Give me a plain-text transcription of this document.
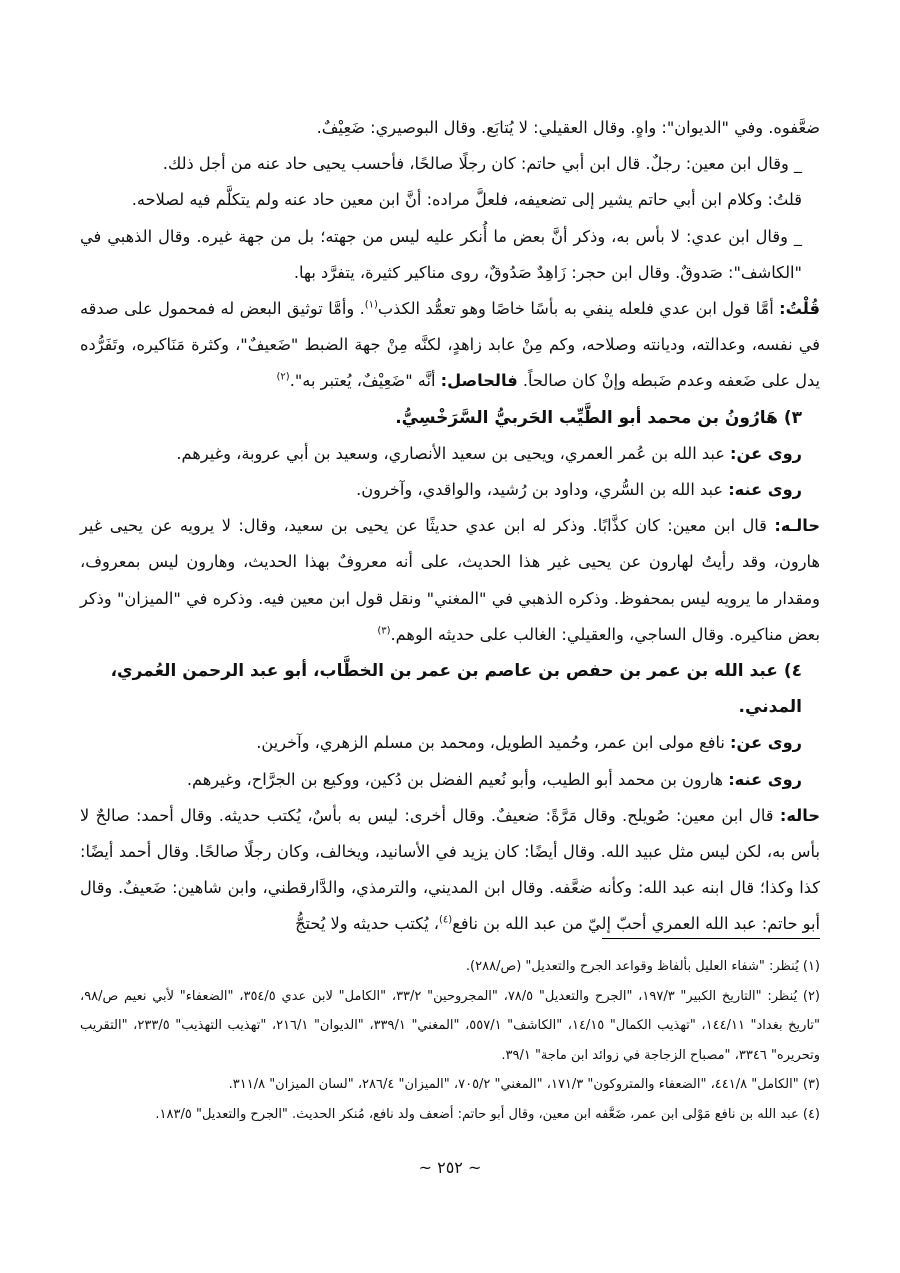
ضعَّفوه. وفي "الديوان": واهٍ. وقال العقيلي: لا يُتابَع. وقال البوصيري: ضَعِيْفٌ.

_ وقال ابن معين: رجلٌ. قال ابن أبي حاتم: كان رجلًا صالحًا، فأحسب يحيى حاد عنه من أجل ذلك.

قلتُ: وكلام ابن أبي حاتم يشير إلى تضعيفه، فلعلَّ مراده: أنَّ ابن معين حاد عنه ولم يتكلَّم فيه لصلاحه.

_ وقال ابن عدي: لا بأس به، وذكر أنَّ بعض ما أُنكر عليه ليس من جهته؛ بل من جهة غيره. وقال الذهبي في "الكاشف": صَدوقٌ. وقال ابن حجر: زَاهِدٌ صَدُوقٌ، روى مناكير كثيرة، يتفرَّد بها.

قُلْتُ: أمَّا قول ابن عدي فلعله ينفي به بأسًا خاصًا وهو تعمُّد الكذب$^{(١)}$. وأمَّا توثيق البعض له فمحمول على صدقه في نفسه، وعدالته، وديانته وصلاحه، وكم مِنْ عابد زاهدٍ، لكنَّه مِنْ جهة الضبط "ضَعيفٌ"، وكثرة مَنَاكيره، وتَفَرُّده يدل على ضَعفه وعدم ضَبطه وإنْ كان صالحاً. فالحاصل: أنَّه "ضَعِيْفٌ، يُعتبر به".$^{(٢)}$

٣) هَارُونُ بن محمد أبو الطَّيِّب الحَربيُّ السَّرَخْسِيُّ.

روى عن: عبد الله بن عُمر العمري، ويحيى بن سعيد الأنصاري، وسعيد بن أبي عروبة، وغيرهم.

روى عنه: عبد الله بن السُّري، وداود بن رُشيد، والواقدي، وآخرون.

حالـه: قال ابن معين: كان كذَّابًا. وذكر له ابن عدي حديثًا عن يحيى بن سعيد، وقال: لا يرويه عن يحيى غير هارون، وقد رأيتُ لهارون عن يحيى غير هذا الحديث، على أنه معروفٌ بهذا الحديث، وهارون ليس بمعروف، ومقدار ما يرويه ليس بمحفوظ. وذكره الذهبي في "المغني" ونقل قول ابن معين فيه. وذكره في "الميزان" وذكر بعض مناكيره. وقال الساجي، والعقيلي: الغالب على حديثه الوهم.$^{(٣)}$

٤) عبد الله بن عمر بن حفص بن عاصم بن عمر بن الخطَّاب، أبو عبد الرحمن العُمري، المدني.

روى عن: نافع مولى ابن عمر، وحُميد الطويل، ومحمد بن مسلم الزهري، وآخرين.

روى عنه: هارون بن محمد أبو الطيب، وأبو نُعيم الفضل بن دُكين، ووكيع بن الجرَّاح، وغيرهم.

حاله: قال ابن معين: صُويلح. وقال مَرَّةً: ضعيفٌ. وقال أخرى: ليس به بأسٌ، يُكتب حديثه. وقال أحمد: صالحٌ لا بأس به، لكن ليس مثل عبيد الله. وقال أيضًا: كان يزيد في الأسانيد، ويخالف، وكان رجلًا صالحًا. وقال أحمد أيضًا: كذا وكذا؛ قال ابنه عبد الله: وكأنه ضعَّفه. وقال ابن المديني، والترمذي، والدَّارقطني، وابن شاهين: ضَعيفٌ. وقال أبو حاتم: عبد الله العمري أحبّ إليّ من عبد الله بن نافع$^{(٤)}$، يُكتب حديثه ولا يُحتجُّ

(١) يُنظر: "شفاء العليل بألفاظ وقواعد الجرح والتعديل" (ص/٢٨٨).

(٢) يُنظر: "التاريخ الكبير" ١٩٧/٣، "الجرح والتعديل" ٧٨/٥، "المجروحين" ٣٣/٢، "الكامل" لابن عدي ٣٥٤/٥، "الضعفاء" لأبي نعيم ص/٩٨، "تاريخ بغداد" ١٤٤/١١، "تهذيب الكمال" ١٤/١٥، "الكاشف" ٥٥٧/١، "المغني" ٣٣٩/١، "الديوان" ٢١٦/١، "تهذيب التهذيب" ٢٣٣/٥، "التقريب وتحريره" ٣٣٤٦، "مصباح الزجاجة في زوائد ابن ماجة" ٣٩/١.

(٣) "الكامل" ٤٤١/٨، "الضعفاء والمتروكون" ١٧١/٣، "المغني" ٧٠٥/٢، "الميزان" ٢٨٦/٤، "لسان الميزان" ٣١١/٨.

(٤) عبد الله بن نافع مَوْلى ابن عمر، ضَعَّفه ابن معين، وقال أبو حاتم: أضعف ولد نافع، مُنكر الحديث. "الجرح والتعديل" ١٨٣/٥.

~ ٢٥٢ ~
